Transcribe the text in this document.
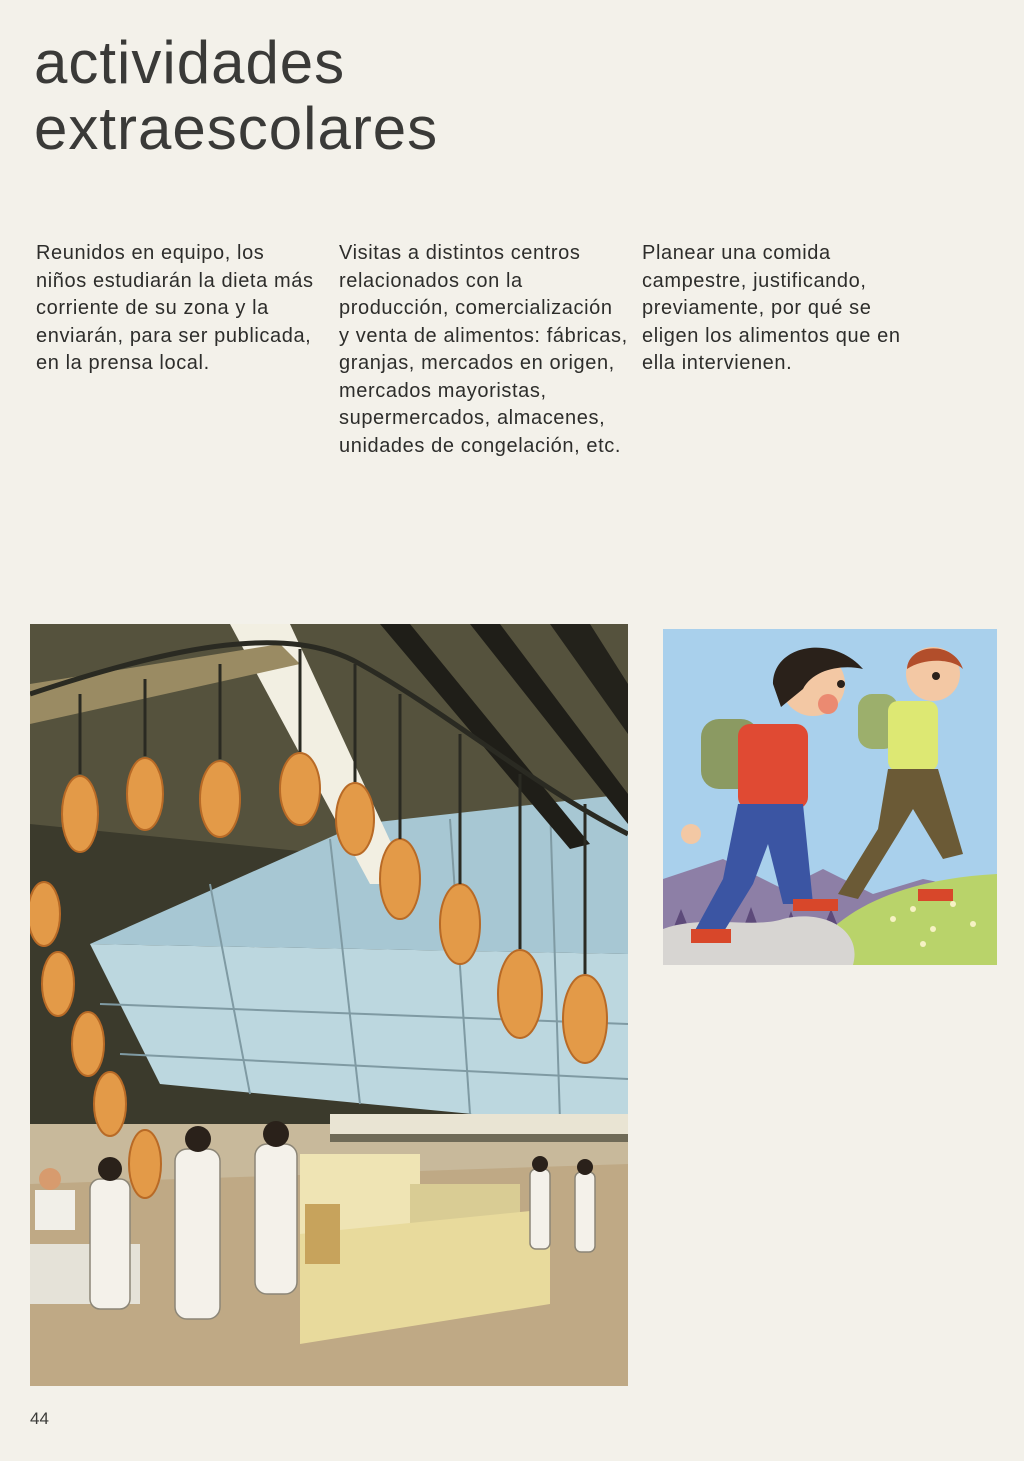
actividades
extraescolares

Reunidos en equipo, los niños estudiarán la dieta más corriente de su zona y la enviarán, para ser publicada, en la prensa local.

Visitas a distintos centros relacionados con la producción, comercialización y venta de alimentos: fábricas, granjas, mercados en origen, mercados mayoristas, supermercados, almacenes, unidades de congelación, etc.

Planear una comida campestre, justificando, previamente, por qué se eligen los alimentos que en ella intervienen.

44
